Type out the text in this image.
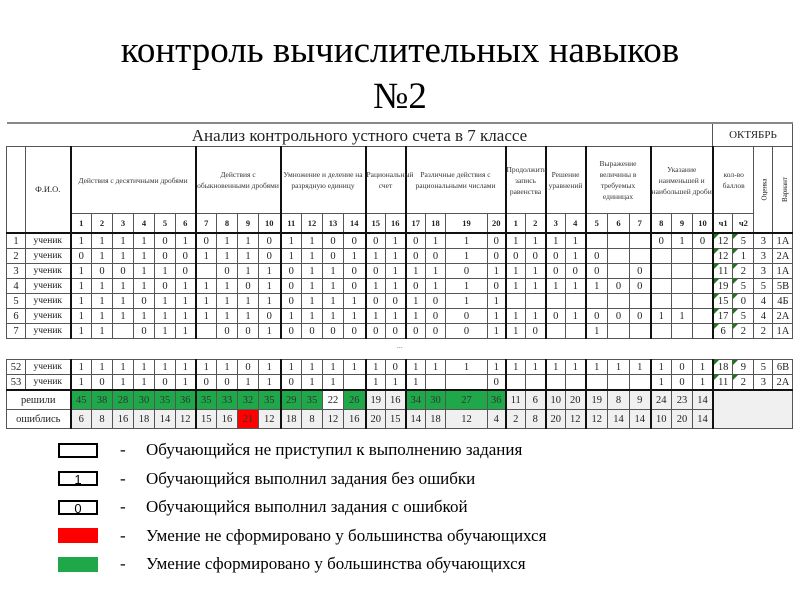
контроль вычислительных навыков
№2
Анализ контрольного устного счета в 7 классе																																ОКТЯБРЬ			
	Ф.И.О.	Действия с десятичными дробями						Действия с обыкновенными дробями				Умножение и деление на разрядную единицу				Рациональный счет		Различные действия с рациональными числами				Продолжить запись равенства		Решение уравнений		Выражение величины в требуемых единицах			Указание наименьшей и наибольшей дроби			кол-во баллов		Оценка	Вариант
		1	2	3	4	5	6	7	8	9	10	11	12	13	14	15	16	17	18	19	20	1	2	3	4	5	6	7	8	9	10	ч1	ч2		
1	ученик	1	1	1	1	0	1	0	1	1	0	1	1	0	0	0	1	0	1	1	0	1	1	1	1				0	1	0	12	5	3	1А
2	ученик	0	1	1	1	0	0	1	1	1	0	1	1	0	1	1	1	0	0	1	0	0	0	0	1	0						12	1	3	2А
3	ученик	1	0	0	1	1	0		0	1	1	0	1	1	0	0	1	1	1	0	1	1	1	0	0	0		0				11	2	3	1А
4	ученик	1	1	1	1	0	1	1	1	0	1	0	1	1	0	1	1	0	1	1	0	1	1	1	1	1	0	0				19	5	5	5В
5	ученик	1	1	1	0	1	1	1	1	1	1	0	1	1	1	0	0	1	0	1	1											15	0	4	4Б
6	ученик	1	1	1	1	1	1	1	1	1	0	1	1	1	1	1	1	1	0	0	1	1	1	0	1	0	0	0	1	1		17	5	4	2А
7	ученик	1	1		0	1	1		0	0	1	0	0	0	0	0	0	0	0	0	1	1	0			1						6	2	2	1А
...																																			
52	ученик	1	1	1	1	1	1	1	1	0	1	1	1	1	1	1	0	1	1	1	1	1	1	1	1	1	1	1	1	0	1	18	9	5	6В
53	ученик	1	0	1	1	0	1	0	0	1	1	0	1	1		1	1	1			0								1	0	1	11	2	3	2А
решили		45	38	28	30	35	36	35	33	32	35	29	35	22	26	19	16	34	30	27	36	11	6	10	20	19	8	9	24	23	14				
ошиблись		6	8	16	18	14	12	15	16	21	12	18	8	12	16	20	15	14	18	12	4	2	8	20	12	12	14	14	10	20	14				
-	Обучающийся не приступил к выполнению задания
1	-	Обучающийся выполнил задания без ошибки
0	-	Обучающийся выполнил задания с ошибкой
-	Умение не сформировано у большинства обучающихся
-	Умение сформировано у большинства обучающихся
